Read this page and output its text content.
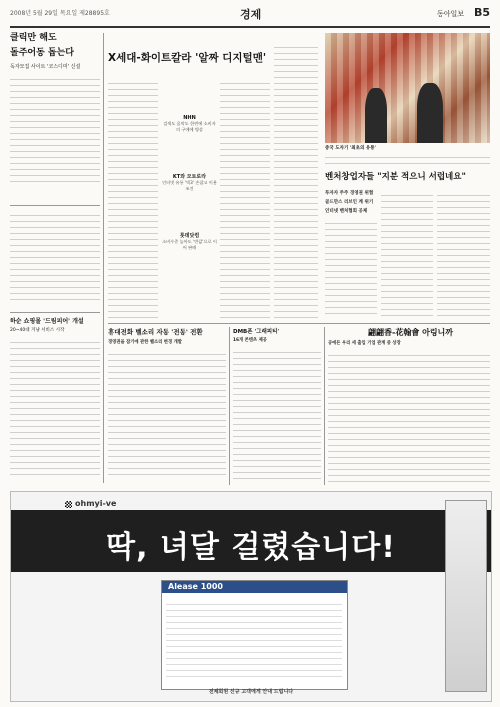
2008년 5월 29일 목요일 제28895호	경제	동아일보 B5
클릭만 해도
돌주어동 돕는다
독자모집 사이트 '코스디미' 신설
하순 쇼핑몰 '드림피어' 개설
20~40대 겨냥 서비스 시작
X세대-화이트칼라 '알짜 디지털맨'
NHN
검색도 음악도 한번에 소비자의 구애에 병살
KT와 모토로라
인터넷 유통 '빅3' 손잡고 이용 조건
롯데닷컴
소비수준 높아도 '반값'으로 이어 판매
중국 도자기 '최초의 유통'
벤처창업자들 "지분 적으니 서럽네요"
투자자 주주 경영권 위협
골드만스 리브인 계 위기
인터넷 벤처협회 공제
휴대전화 벨소리 자동 '전동' 전환
경영권을 잡기에 관한 벨소리 변경 개발
DMB폰 '그래피티'
16개 콘텐츠 제공
翩翩香-花翰會 아링니까
공에돈 우리 세 출입 기업 관계 중 상장
ohmyi-ve
딱, 녀달 걸렸습니다!
Alease 1000
전체회원 신규 고객에게 안내 드립니다
